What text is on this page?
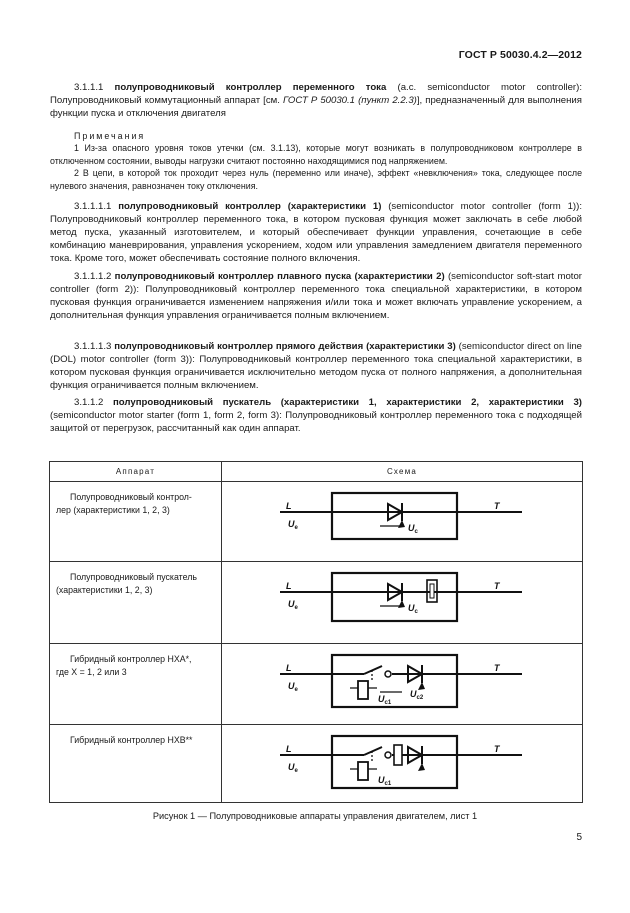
ГОСТ Р 50030.4.2—2012

3.1.1.1 полупроводниковый контроллер переменного тока (a.c. semiconductor motor controller): Полупроводниковый коммутационный аппарат [см. ГОСТ Р 50030.1 (пункт 2.2.3)], предназначенный для выполнения функции пуска и отключения двигателя

Примечания

1 Из-за опасного уровня токов утечки (см. 3.1.13), которые могут возникать в полупроводниковом контроллере в отключенном состоянии, выводы нагрузки считают постоянно находящимися под напряжением.

2 В цепи, в которой ток проходит через нуль (переменно или иначе), эффект «невключения» тока, следующее после нулевого значения, равнозначен току отключения.

3.1.1.1.1 полупроводниковый контроллер (характеристики 1) (semiconductor motor controller (form 1)): Полупроводниковый контроллер переменного тока, в котором пусковая функция может заключать в себе любой метод пуска, указанный изготовителем, и который обеспечивает функции управления, сочетающие в себе комбинацию маневрирования, управления ускорением, ходом или управления замедлением двигателя переменного тока. Кроме того, может обеспечивать состояние полного включения.

3.1.1.1.2 полупроводниковый контроллер плавного пуска (характеристики 2) (semiconductor soft-start motor controller (form 2)): Полупроводниковый контроллер переменного тока специальной характеристики, в котором пусковая функция ограничивается изменением напряжения и/или тока и может включать управление ускорением, а дополнительная функция управления ограничивается полным включением.

3.1.1.1.3 полупроводниковый контроллер прямого действия (характеристики 3) (semiconductor direct on line (DOL) motor controller (form 3)): Полупроводниковый контроллер переменного тока специальной характеристики, в котором пусковая функция ограничивается исключительно методом пуска от полного напряжения, а дополнительная функция ограничивается полным включением.

3.1.1.2 полупроводниковый пускатель (характеристики 1, характеристики 2, характеристики 3) (semiconductor motor starter (form 1, form 2, form 3): Полупроводниковый контроллер переменного тока с подходящей защитой от перегрузок, рассчитанный как один аппарат.

Аппарат	Схема

Полупроводниковый контрол-
лер (характеристики 1, 2, 3)	L
$U_e$ $U_c$
T

Полупроводниковый пускатель
(характеристики 1, 2, 3)	L
$U_e$ $U_c$
T

Гибридный контроллер HXA*,
где X = 1, 2 или 3	L
$U_e$
$U_{c1}$
$U_{c2}$
T

Гибридный контроллер HXB**	L
$U_e$
$U_{c1}$
T
Рисунок 1 — Полупроводниковые аппараты управления двигателем, лист 1
5
